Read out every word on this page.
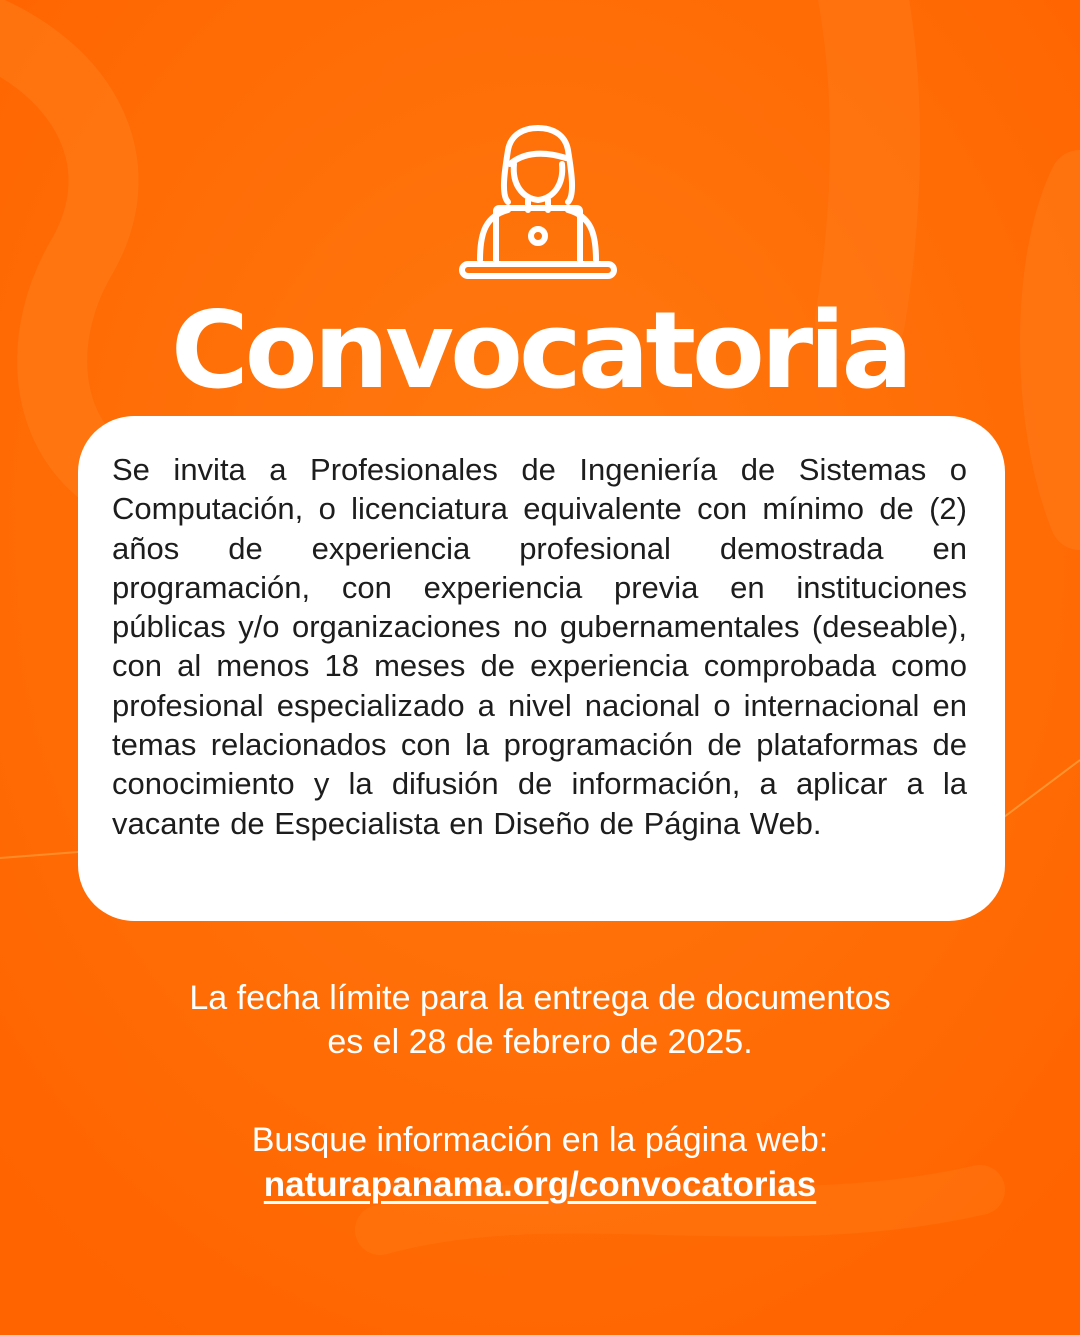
Convocatoria

Se invita a Profesionales de Ingeniería de Sistemas o Computación, o licenciatura equivalente con mínimo de (2) años de experiencia profesional demostrada en programación, con experiencia previa en instituciones públicas y/o organizaciones no gubernamentales (deseable), con al menos 18 meses de experiencia comprobada como profesional especializado a nivel nacional o internacional en temas relacionados con la programación de plataformas de conocimiento y la difusión de información, a aplicar a la vacante de Especialista en Diseño de Página Web.

La fecha límite para la entrega de documentos

es el 28 de febrero de 2025.

Busque información en la página web:

naturapanama.org/convocatorias
